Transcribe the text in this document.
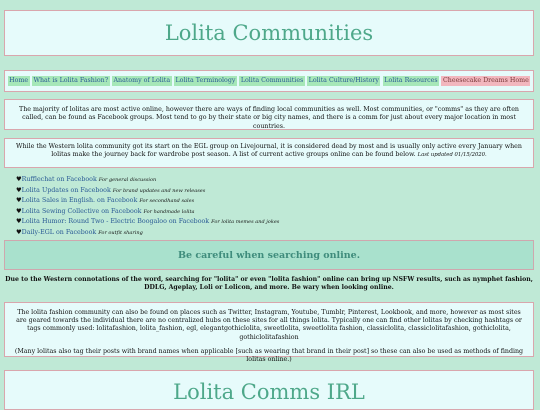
Lolita Communities
Home What is Lolita Fashion? Anatomy of Lolita Lolita Terminology Lolita Communities Lolita Culture/History Lolita Resources Cheesecake Dreams Home
The majority of lolitas are most active online, however there are ways of finding local communities as well. Most communities, or "comms" as they are often called, can be found as Facebook groups. Most tend to go by their state or big city names, and there is a comm for just about every major location in most countries.
While the Western lolita community got its start on the EGL group on Livejournal, it is considered dead by most and is usually only active every January when lolitas make the journey back for wardrobe post season. A list of current active groups online can be found below. Last updated 01/15/2020.
♥Rufflechat on Facebook For general discussion
♥Lolita Updates on Facebook For brand updates and new releases
♥Lolita Sales in English. on Facebook For secondhand sales
♥Lolita Sewing Collective on Facebook For handmade lolita
♥Lolita Humor: Round Two - Electric Boogaloo on Facebook For lolita memes and jokes
♥Daily-EGL on Facebook For outfit sharing
Be careful when searching online.
Due to the Western connotations of the word, searching for "lolita" or even "lolita fashion" online can bring up NSFW results, such as nymphet fashion, DDLG, Ageplay, Loli or Lolicon, and more. Be wary when looking online.

The lolita fashion community can also be found on places such as Twitter, Instagram, Youtube, Tumblr, Pinterest, Lookbook, and more, however as most sites are geared towards the individual there are no centralized hubs on these sites for all things lolita. Typically one can find other lolitas by checking hashtags or tags commonly used: lolitafashion, lolita_fashion, egl, elegantgothiclolita, sweetlolita, sweetlolita fashion, classiclolita, classiclolitafashion, gothiclolita, gothiclolitafashion

(Many lolitas also tag their posts with brand names when applicable [such as wearing that brand in their post] so these can also be used as methods of finding lolitas online.)

Lolita Comms IRL
